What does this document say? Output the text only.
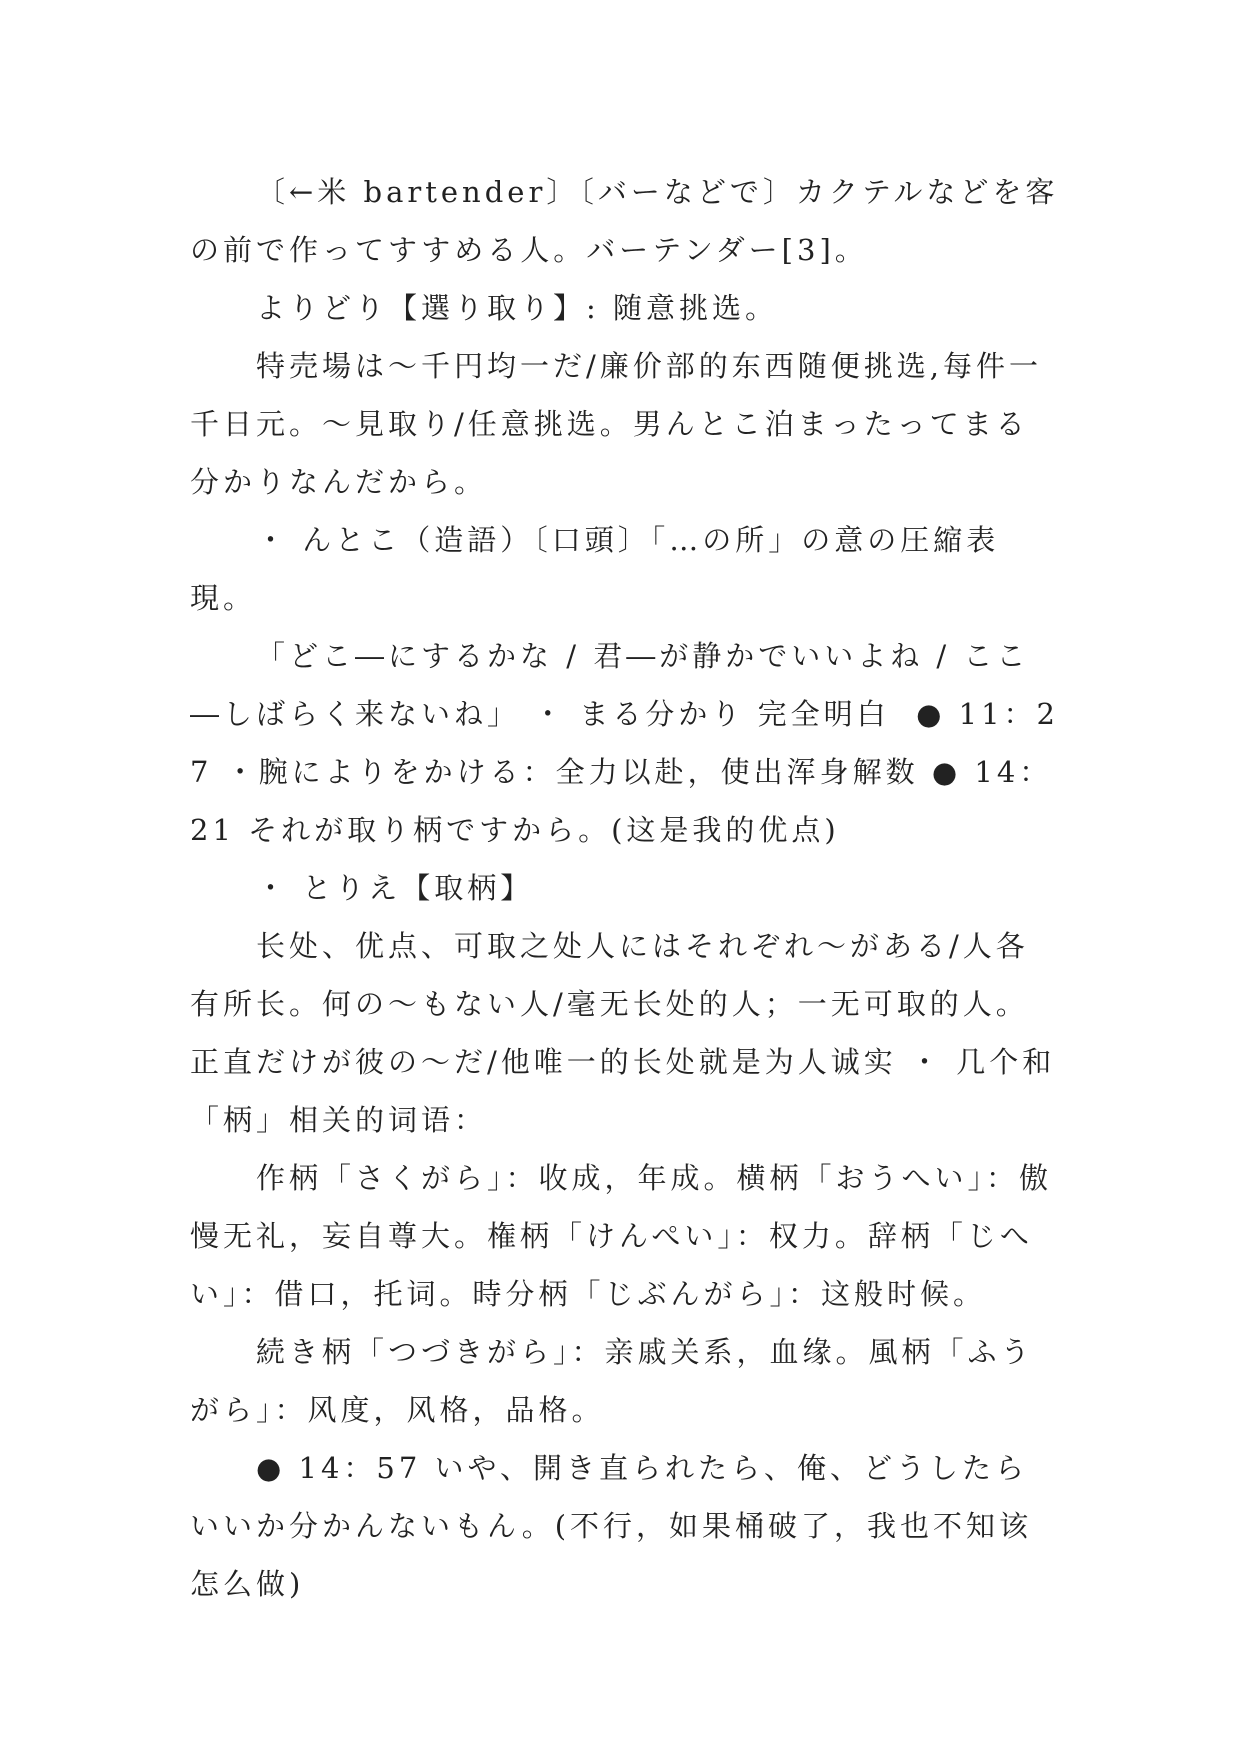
〔←米 bartender〕〔バーなどで〕カクテルなどを客の前で作ってすすめる人。バーテンダー[3]。

よりどり【選り取り】: 随意挑选。

特売場は～千円均一だ/廉价部的东西随便挑选,每件一千日元。～見取り/任意挑选。男んとこ泊まったってまる分かりなんだから。

・ んとこ（造語）〔口頭〕「…の所」の意の圧縮表現。

「どこ―にするかな / 君―が静かでいいよね / ここ―しばらく来ないね」 ・ まる分かり 完全明白  ● 11：27 ・腕によりをかける：全力以赴，使出浑身解数 ● 14：21 それが取り柄ですから。(这是我的优点)

・ とりえ【取柄】

长处、优点、可取之处人にはそれぞれ～がある/人各有所长。何の～もない人/毫无长处的人；一无可取的人。正直だけが彼の～だ/他唯一的长处就是为人诚实 ・ 几个和「柄」相关的词语：

作柄「さくがら」：收成，年成。横柄「おうへい」：傲慢无礼，妄自尊大。権柄「けんぺい」：权力。辞柄「じへい」：借口，托词。時分柄「じぶんがら」：这般时候。

続き柄「つづきがら」：亲戚关系，血缘。風柄「ふうがら」：风度，风格，品格。

● 14：57 いや、開き直られたら、俺、どうしたらいいか分かんないもん。(不行，如果桶破了，我也不知该怎么做)
